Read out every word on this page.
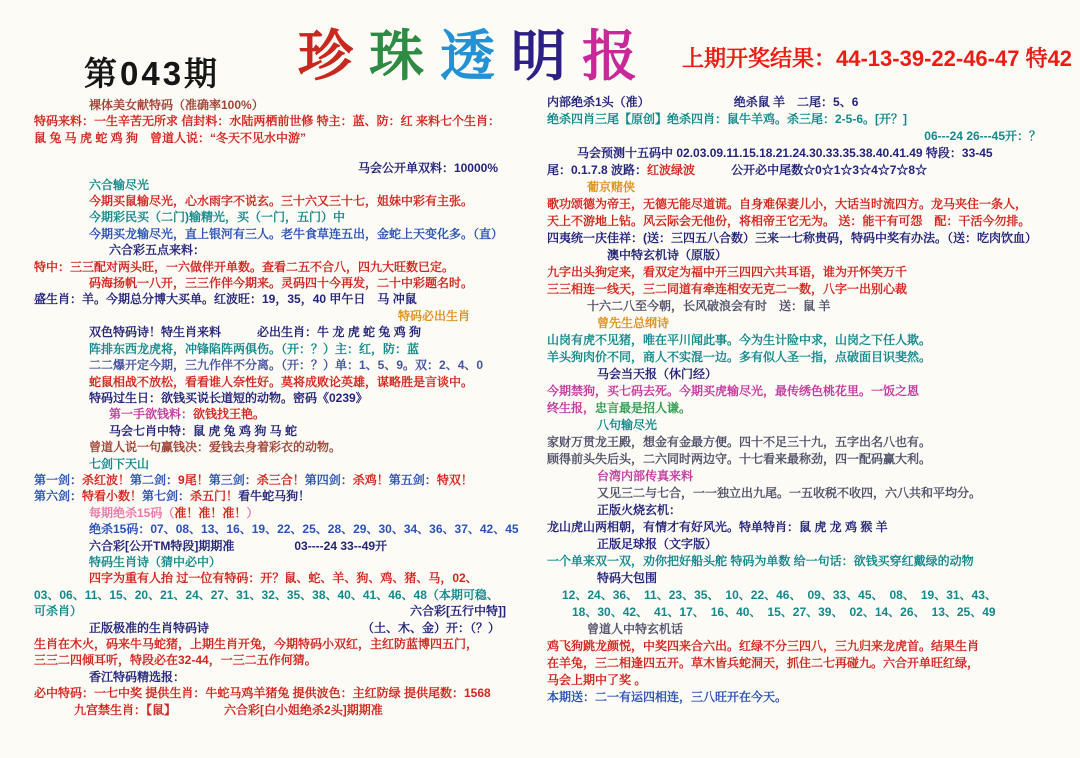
第043期 珍 珠 透 明 报 上期开奖结果：44-13-39-22-46-47 特42
裸体美女献特码（准确率100%）
特码来料：一生辛苦无所求 信封料：水陆两栖前世修 特主：蓝、防：红 来料七个生肖：
鼠 兔 马 虎 蛇 鸡 狗　曾道人说：“冬天不见水中游”
马会公开单双料：10000%
六合输尽光
今期买鼠输尽光，心水雨字不说玄。三十六又三十七，姐妹中彩有主张。
今期彩民买（二门)输精光，买（一门，五门）中
今期买龙输尽光，直上银河有三人。老牛食草连五出，金蛇上天变化多。（直）
六合彩五点来料：
特中：三三配对两头旺，一六做伴开单数。查看二五不合八，四九大旺数已定。
码海扬帆一八开，三三作伴今期来。灵码四十今再发，二十中彩题名时。
盛生肖：羊。今期总分博大买单。红波旺：19，35，40 甲午日　马 冲鼠
特码必出生肖
双色特码诗！特生肖来料
　　　	必出生肖：牛 龙 虎 蛇 兔 鸡 狗
阵排东西龙虎将，冲锋陷阵两俱伤。（开：？）主：红，防：蓝
二二爆开定今期，三九作伴不分离。（开：？）单：1、5、9。双：2、4、0
蛇鼠相战不放松，看看谁人奈性好。莫将成败论英雄，谋略胜是言谈中。
特码过生日：欲钱买说长道短的动物。密码《0239》
第一手欲钱料： 欲钱找王艳。
马会七肖中特：鼠 虎 兔 鸡 狗 马 蛇
曾道人说一句赢钱决：爱钱去身着彩衣的动物。
七剑下天山
第一剑： 杀红波！ 第二剑： 9尾！ 第三剑： 杀三合！ 第四剑： 杀鸡！ 第五剑： 特双！
第六剑： 特看小数！ 第七剑： 杀五门！ 看牛蛇马狗！
每期绝杀15码（ 准！准！准！ ）
绝杀15码：07、08、13、16、19、22、25、28、29、30、34、36、37、42、45
六合彩[公开TM特段]期期准
　　　　　	03----24 33--49开
特码生肖诗（猜中必中）
四字为重有人抬 过一位有特码：开？鼠、蛇、羊、狗、鸡、猪、马，02、
03、06、11、15、20、21、24、27、31、32、35、38、40、41、46、48（本期可稳、
可杀肖）	六合彩[五行中特]]
正版极准的生肖特码诗	（土、木、金）开：（？）　
生肖在木火，码来牛马蛇猪，上期生肖开兔，今期特码小双红，主红防蓝博四五门，
三三二四倾耳听，特段必在32-44，一三二五作何猜。
香江特码精选报：
必中特码：一七中奖 提供生肖：牛蛇马鸡羊猪兔 提供波色：主红防绿 提供尾数：1568
九宫禁生肖：【鼠】
　　　　	六合彩[白小姐绝杀2头]期期准
内部绝杀1头（准）
　　　　　　　	绝杀鼠 羊　二尾：5、6
绝杀四肖三尾【原创】绝杀四肖：鼠牛羊鸡。杀三尾：2-5-6。[开？]
06---24 26---45开：？
马会预测十五码中 02.03.09.11.15.18.21.24.30.33.35.38.40.41.49 特段：33-45
尾：0.1.7.8 波路： 红波绿波 　　　公开必中尾数☆0☆1☆3☆4☆7☆8☆
葡京赌侠
歌功颂德为帝王，无德无能尽道谎。自身难保妻儿小，大话当时流四方。龙马夹住一条人，
天上不游地上钻。风云际会无他份，将相帝王它无为。 送：能干有可怨　配：干活今勿排。
四夷统一庆佳祥：(送：三四五八合数）三来一七称贵码，特码中奖有办法。（送：吃肉饮血）
澳中特玄机诗（原版）
九字出头狗定来，看双定为福中开三四四六共耳语，谁为开怀笑万千
三三相连一线天，三二同道有牵连相安无克二一数，八字一出别心裁
十六二八至今朝，长风破浪会有时　送：鼠 羊
曾先生总纲诗
山岗有虎不见猪，唯在平川闻此事。今为生计险中求，山岗之下任人欺。
羊头狗肉价不同，商人不实混一边。多有似人圣一指，点破面目识斐然。
马会当天报（休门经）
今期禁狗，买七码去死。今期买虎输尽光，最传绣色桃花里。一饭之恩
终生报， 忠言最是招人谦。
八句输尽光
家财万贯龙王殿，想金有金最方便。四十不足三十九，五字出名八也有。
顾得前头失后头，二六同时两边守。十七看来最称劲，四一配码赢大利。
台湾内部传真来料
又见三二与七合，一一独立出九尾。一五收税不收四，六八共和平均分。
正版火烧玄机：
龙山虎山两相朝，有情才有好风光。特单特肖：鼠 虎 龙 鸡 猴 羊
正版足球报（文字版）
一个单来双一双，劝你把好船头舵 特码为单数 给一句话：欲钱买穿红戴绿的动物
特码大包围
12、24、36、　11、23、35、　10、22、46、　09、33、45、　08、　19、31、43、
18、30、42、　41、17、　16、40、　15、27、39、　02、14、26、　13、25、49
曾道人中特玄机话
鸡飞狗跳龙颜悦，中奖四来合六出。红绿不分三四八，三九归来龙虎首。结果生肖
在羊兔，三二相逢四五开。草木皆兵蛇洞天，抓住二七再碰九。六合开单旺红绿，
马会上期中了奖 。
本期送：二一有运四相连，三八旺开在今天。
